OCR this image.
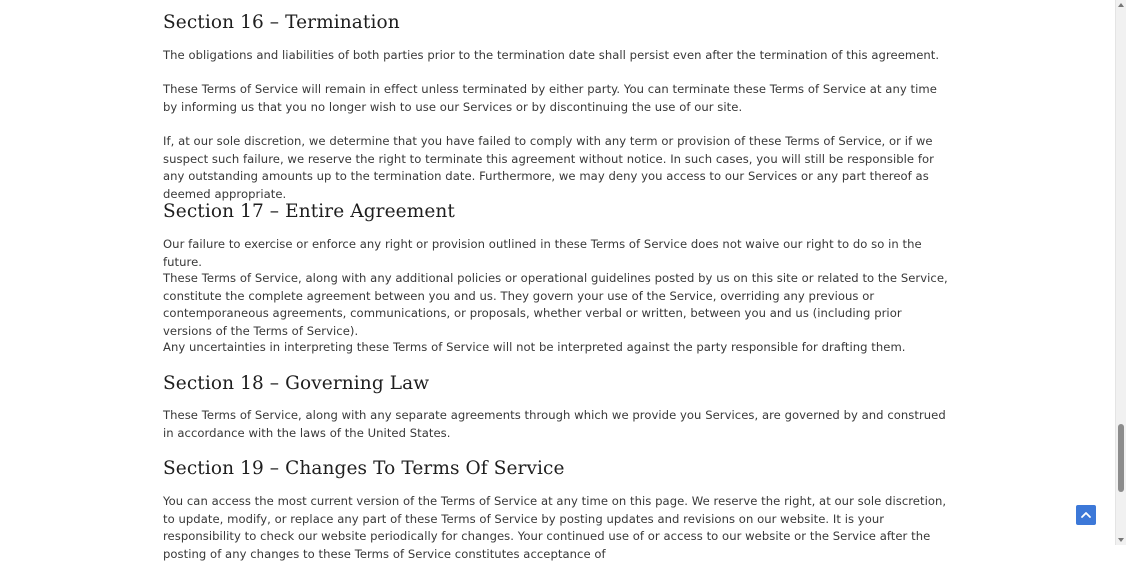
Section 16 – Termination

The obligations and liabilities of both parties prior to the termination date shall persist even after the termination of this agreement.

These Terms of Service will remain in effect unless terminated by either party. You can terminate these Terms of Service at any time by informing us that you no longer wish to use our Services or by discontinuing the use of our site.

If, at our sole discretion, we determine that you have failed to comply with any term or provision of these Terms of Service, or if we suspect such failure, we reserve the right to terminate this agreement without notice. In such cases, you will still be responsible for any outstanding amounts up to the termination date. Furthermore, we may deny you access to our Services or any part thereof as deemed appropriate.

Section 17 – Entire Agreement

Our failure to exercise or enforce any right or provision outlined in these Terms of Service does not waive our right to do so in the future.

These Terms of Service, along with any additional policies or operational guidelines posted by us on this site or related to the Service, constitute the complete agreement between you and us. They govern your use of the Service, overriding any previous or contemporaneous agreements, communications, or proposals, whether verbal or written, between you and us (including prior versions of the Terms of Service).

Any uncertainties in interpreting these Terms of Service will not be interpreted against the party responsible for drafting them.

Section 18 – Governing Law

These Terms of Service, along with any separate agreements through which we provide you Services, are governed by and construed in accordance with the laws of the United States.

Section 19 – Changes To Terms Of Service

You can access the most current version of the Terms of Service at any time on this page. We reserve the right, at our sole discretion, to update, modify, or replace any part of these Terms of Service by posting updates and revisions on our website. It is your responsibility to check our website periodically for changes. Your continued use of or access to our website or the Service after the posting of any changes to these Terms of Service constitutes acceptance of
